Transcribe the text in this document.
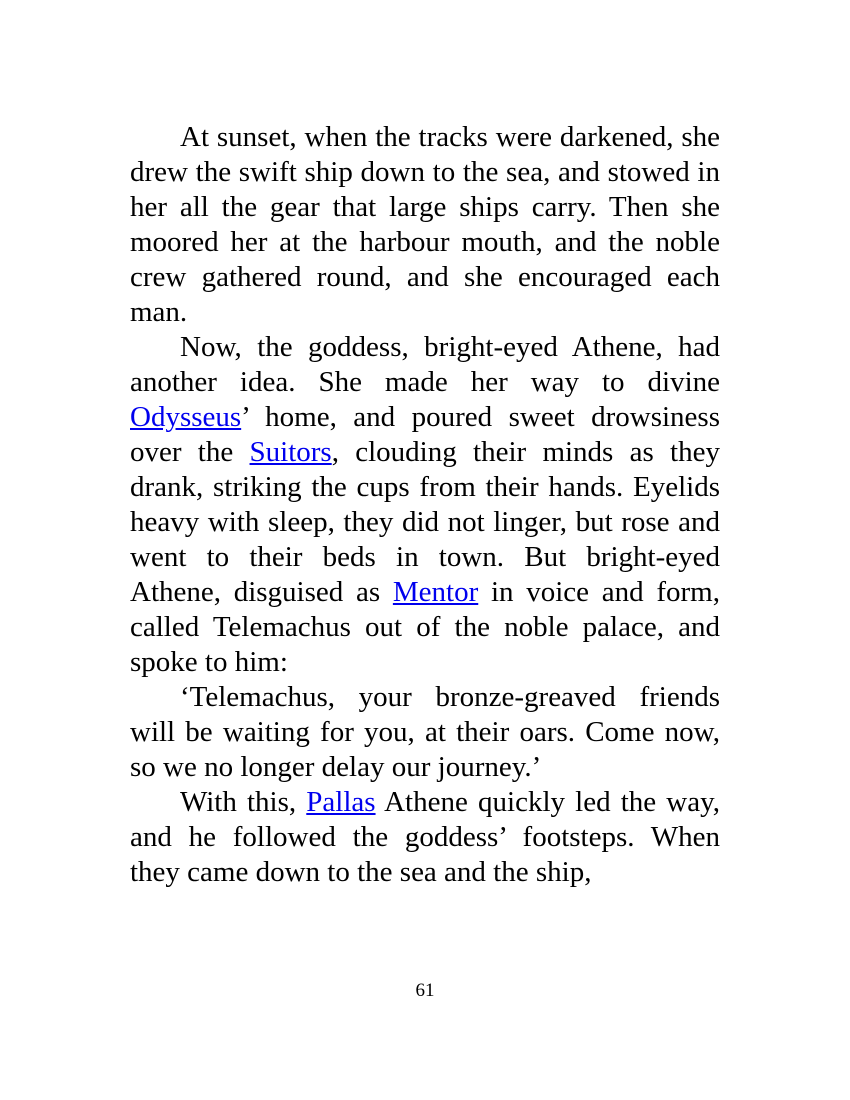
At sunset, when the tracks were darkened, she drew the swift ship down to the sea, and stowed in her all the gear that large ships carry. Then she moored her at the harbour mouth, and the noble crew gathered round, and she encouraged each man.

Now, the goddess, bright-eyed Athene, had another idea. She made her way to divine Odysseus’ home, and poured sweet drowsiness over the Suitors, clouding their minds as they drank, striking the cups from their hands. Eyelids heavy with sleep, they did not linger, but rose and went to their beds in town. But bright-eyed Athene, disguised as Mentor in voice and form, called Telemachus out of the noble palace, and spoke to him:

‘Telemachus, your bronze-greaved friends will be waiting for you, at their oars. Come now, so we no longer delay our journey.’

With this, Pallas Athene quickly led the way, and he followed the goddess’ footsteps. When they came down to the sea and the ship,

61
